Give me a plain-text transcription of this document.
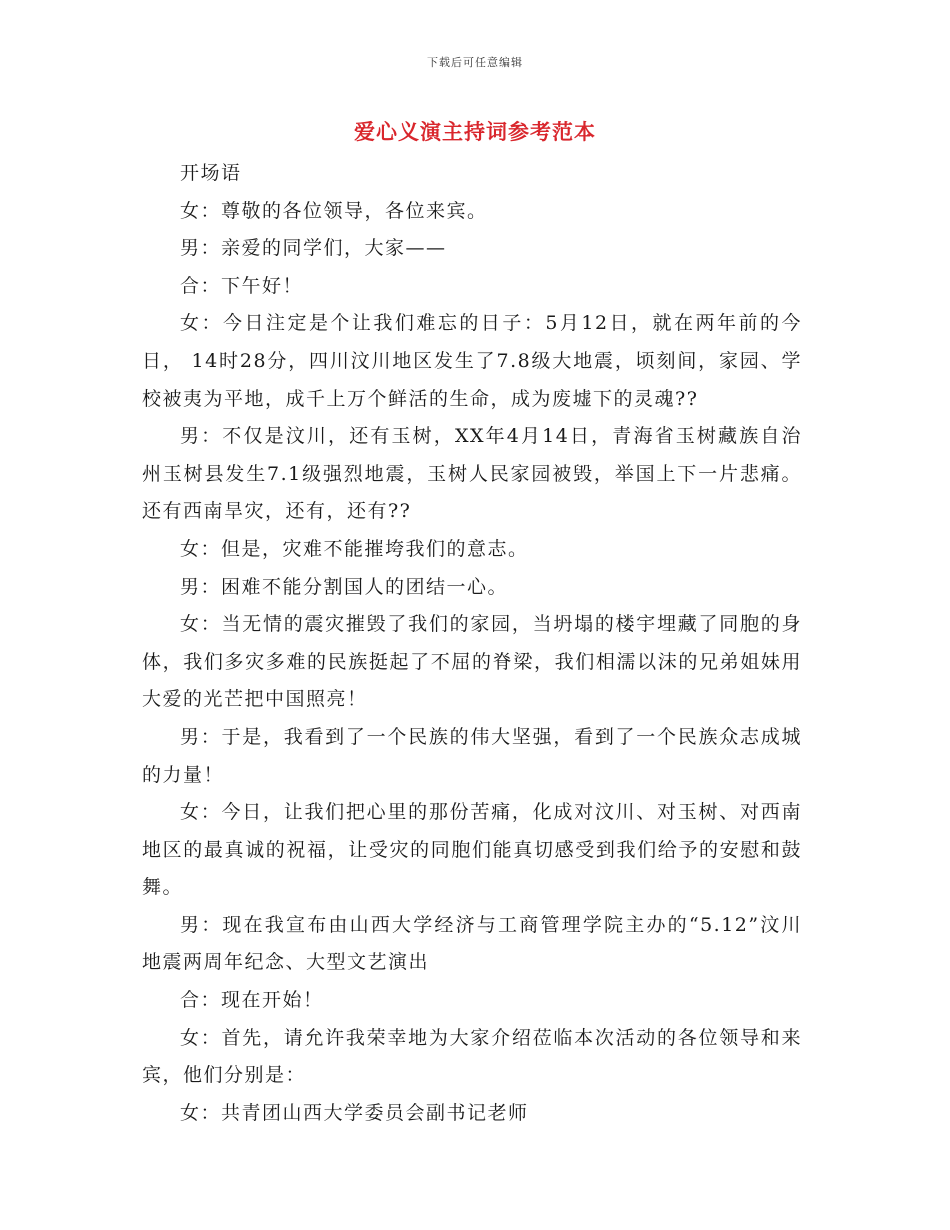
下载后可任意编辑
爱心义演主持词参考范本

开场语

女：尊敬的各位领导，各位来宾。

男：亲爱的同学们，大家——

合：下午好！

女：今日注定是个让我们难忘的日子：5月12日，就在两年前的今日， 14时28分，四川汶川地区发生了7.8级大地震，顷刻间，家园、学校被夷为平地，成千上万个鲜活的生命，成为废墟下的灵魂??

男：不仅是汶川，还有玉树，XX年4月14日，青海省玉树藏族自治州玉树县发生7.1级强烈地震，玉树人民家园被毁，举国上下一片悲痛。还有西南旱灾，还有，还有??

女：但是，灾难不能摧垮我们的意志。

男：困难不能分割国人的团结一心。

女：当无情的震灾摧毁了我们的家园，当坍塌的楼宇埋藏了同胞的身体，我们多灾多难的民族挺起了不屈的脊梁，我们相濡以沫的兄弟姐妹用大爱的光芒把中国照亮！

男：于是，我看到了一个民族的伟大坚强，看到了一个民族众志成城的力量！

女：今日，让我们把心里的那份苦痛，化成对汶川、对玉树、对西南地区的最真诚的祝福，让受灾的同胞们能真切感受到我们给予的安慰和鼓舞。

男：现在我宣布由山西大学经济与工商管理学院主办的“5.12”汶川地震两周年纪念、大型文艺演出

合：现在开始！

女：首先，请允许我荣幸地为大家介绍莅临本次活动的各位领导和来宾，他们分别是：

女：共青团山西大学委员会副书记老师
